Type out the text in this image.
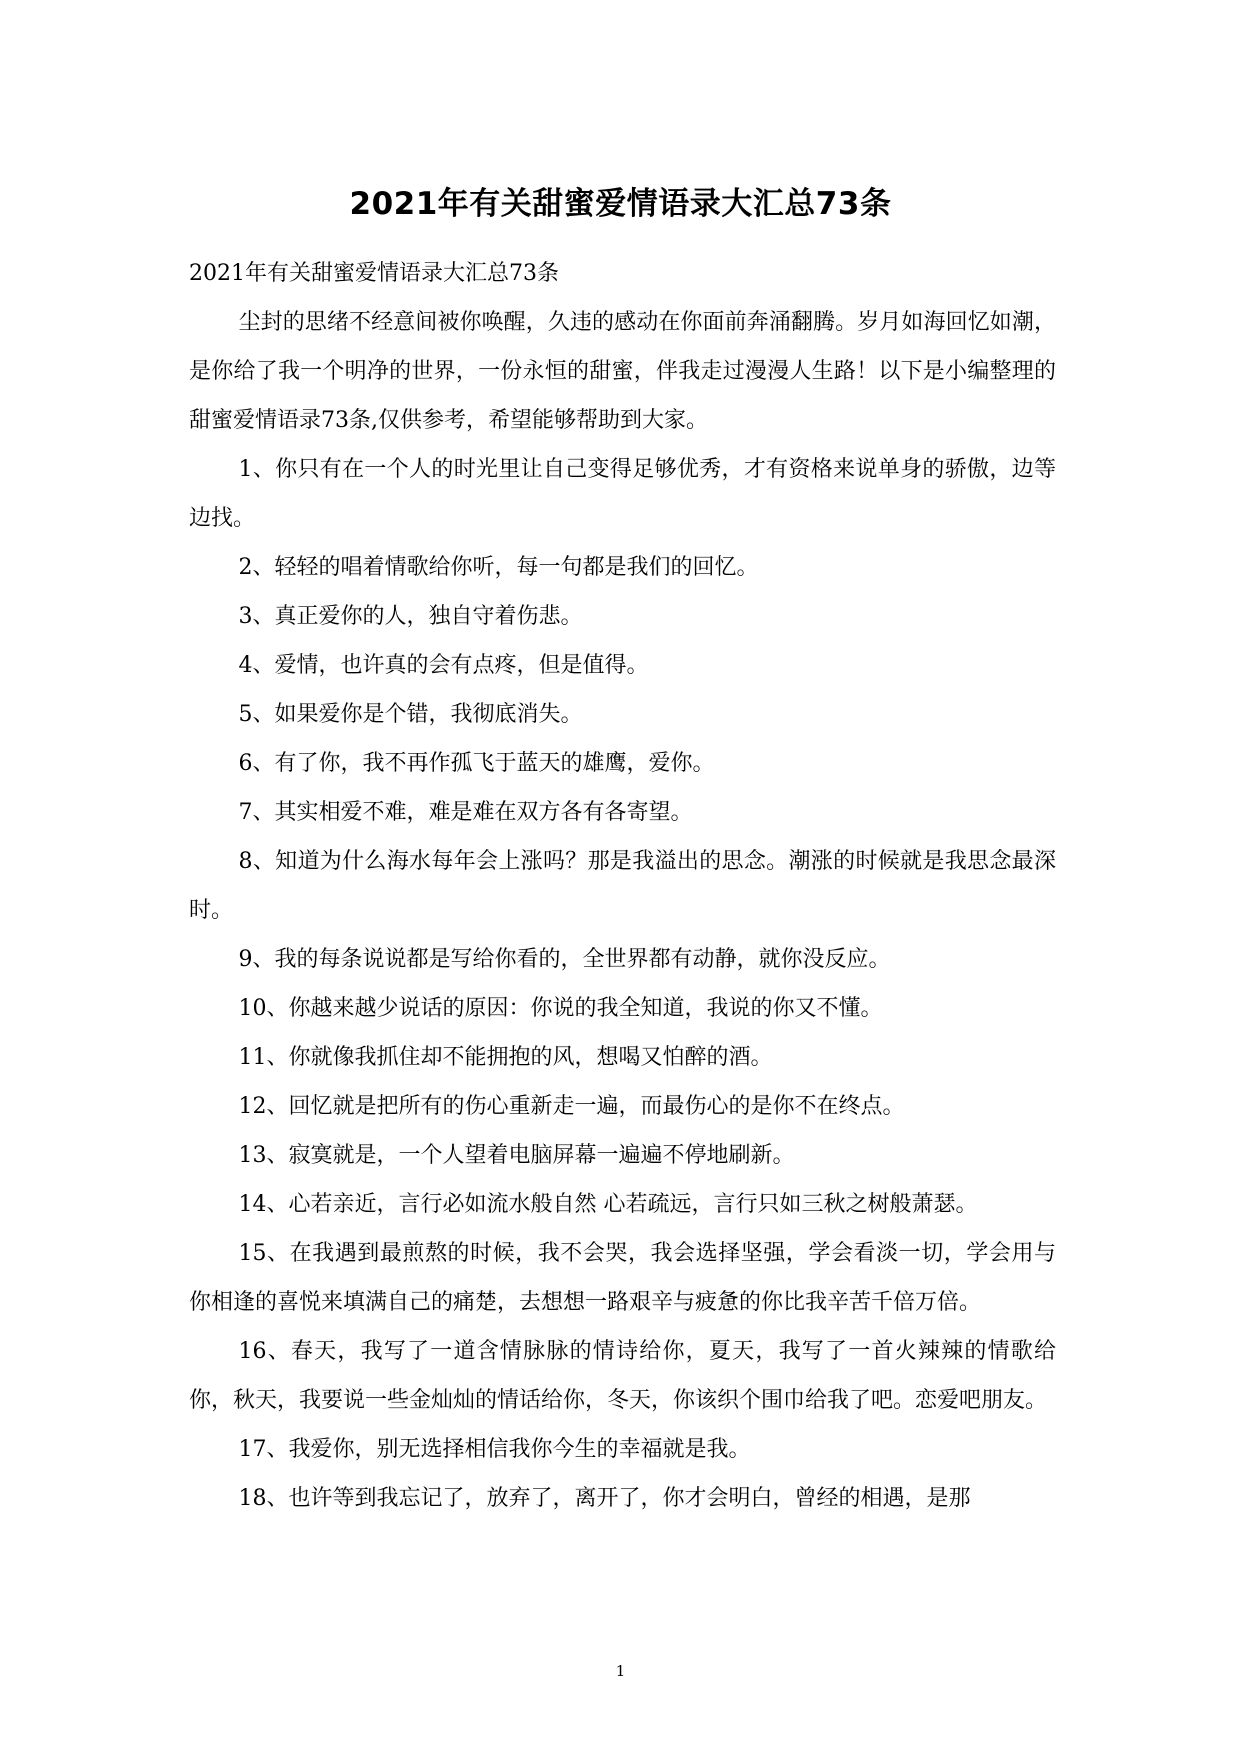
2021年有关甜蜜爱情语录大汇总73条

2021年有关甜蜜爱情语录大汇总73条

尘封的思绪不经意间被你唤醒，久违的感动在你面前奔涌翻腾。岁月如海回忆如潮，是你给了我一个明净的世界，一份永恒的甜蜜，伴我走过漫漫人生路！以下是小编整理的甜蜜爱情语录73条,仅供参考，希望能够帮助到大家。

1、你只有在一个人的时光里让自己变得足够优秀，才有资格来说单身的骄傲，边等边找。

2、轻轻的唱着情歌给你听，每一句都是我们的回忆。

3、真正爱你的人，独自守着伤悲。

4、爱情，也许真的会有点疼，但是值得。

5、如果爱你是个错，我彻底消失。

6、有了你，我不再作孤飞于蓝天的雄鹰，爱你。

7、其实相爱不难，难是难在双方各有各寄望。

8、知道为什么海水每年会上涨吗？那是我溢出的思念。潮涨的时候就是我思念最深时。

9、我的每条说说都是写给你看的，全世界都有动静，就你没反应。

10、你越来越少说话的原因：你说的我全知道，我说的你又不懂。

11、你就像我抓住却不能拥抱的风，想喝又怕醉的酒。

12、回忆就是把所有的伤心重新走一遍，而最伤心的是你不在终点。

13、寂寞就是，一个人望着电脑屏幕一遍遍不停地刷新。

14、心若亲近，言行必如流水般自然 心若疏远，言行只如三秋之树般萧瑟。

15、在我遇到最煎熬的时候，我不会哭，我会选择坚强，学会看淡一切，学会用与你相逢的喜悦来填满自己的痛楚，去想想一路艰辛与疲惫的你比我辛苦千倍万倍。

16、春天，我写了一道含情脉脉的情诗给你，夏天，我写了一首火辣辣的情歌给你，秋天，我要说一些金灿灿的情话给你，冬天，你该织个围巾给我了吧。恋爱吧朋友。

17、我爱你，别无选择相信我你今生的幸福就是我。

18、也许等到我忘记了，放弃了，离开了，你才会明白，曾经的相遇，是那

1
